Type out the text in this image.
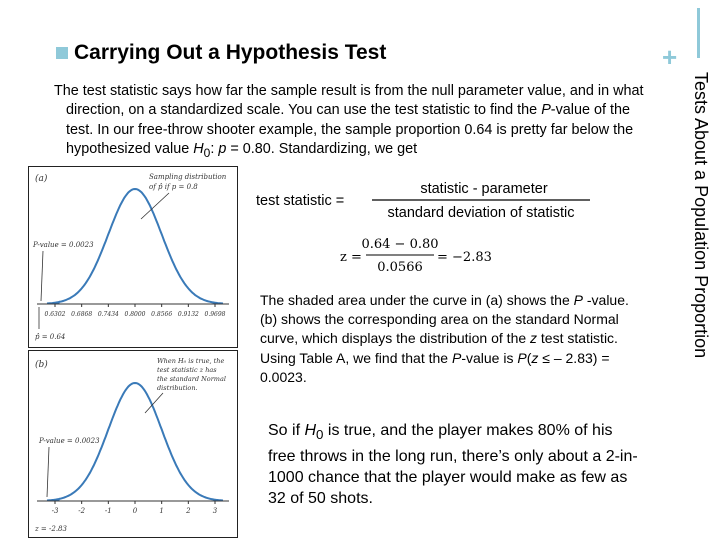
Carrying Out a Hypothesis Test	+
Tests About a Population Proportion

The test statistic says how far the sample result is from the null parameter value, and in what direction, on a standardized scale. You can use the test statistic to find the P-value of the test. In our free-throw shooter example, the sample proportion 0.64 is pretty far below the hypothesized value $H_0$: p = 0.80. Standardizing, we get

(a)
0.6302 0.6868 0.7434 0.8000 0.8566 0.9132 0.9698
Sampling distribution
of p̂ if p = 0.8
P-value = 0.0023
p̂ = 0.64
(b)
-3	-2	-1	0	1	2	3
When H₀ is true, the
test statistic z has
the standard Normal
distribution.
P-value = 0.0023
z = -2.83
test statistic =
statistic - parameter
standard deviation of statistic
z =
0.64 − 0.80
0.0566
= −2.83
The shaded area under the curve in (a) shows the P -value. (b) shows the corresponding area on the standard Normal curve, which displays the distribution of the z test statistic. Using Table A, we find that the P-value is P(z ≤ – 2.83) = 0.0023.
So if $H_0$ is true, and the player makes 80% of his free throws in the long run, there’s only about a 2-in-1000 chance that the player would make as few as 32 of 50 shots.
